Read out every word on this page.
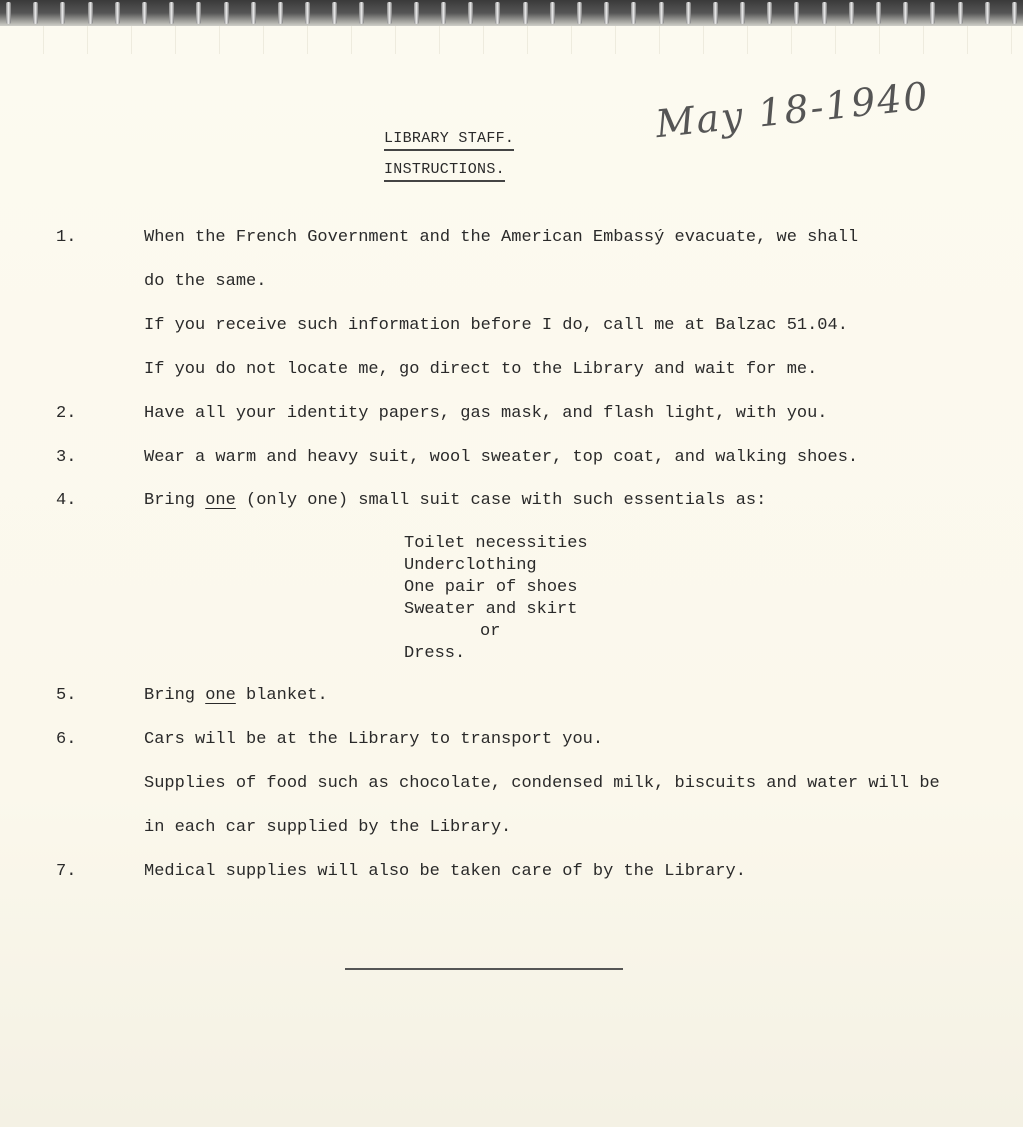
LIBRARY STAFF.
INSTRUCTIONS.
May 18-1940
1.	When the French Government and the American Embassý evacuate, we shall
do the same.
If you receive such information before I do, call me at Balzac 51.04.
If you do not locate me, go direct to the Library and wait for me.
2.	Have all your identity papers, gas mask, and flash light, with you.
3.	Wear a warm and heavy suit, wool sweater, top coat, and walking shoes.
4.	Bring one (only one) small suit case with such essentials as:
Toilet necessities
Underclothing
One pair of shoes
Sweater and skirt
or
Dress.
5.	Bring one blanket.
6.	Cars will be at the Library to transport you.
Supplies of food such as chocolate, condensed milk, biscuits and water will be
in each car supplied by the Library.
7.	Medical supplies will also be taken care of by the Library.
